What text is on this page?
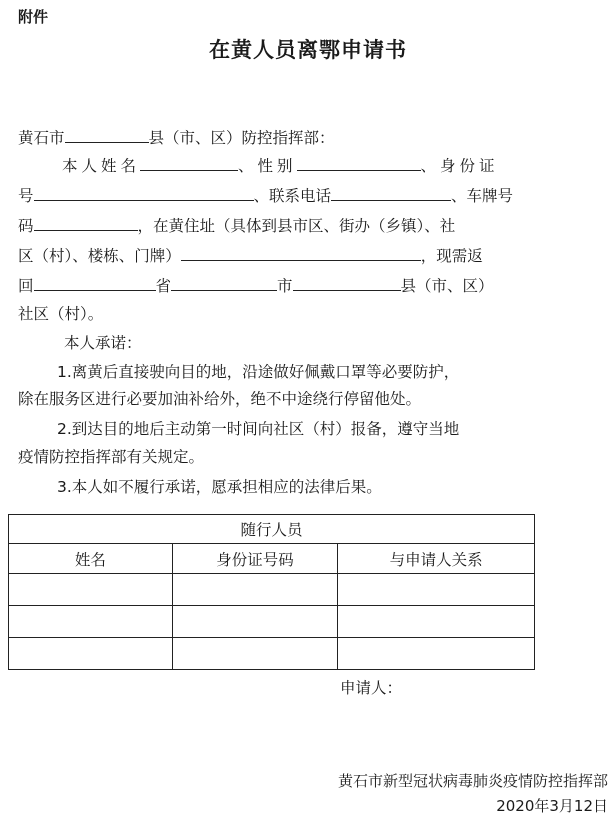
附件
在黄人员离鄂申请书
黄石市	县（市、区）防控指挥部：
本人姓名	、性别	、身份证
号	、联系电话	、车牌号
码	，在黄住址（具体到县市区、街办（乡镇）、社
区（村）、楼栋、门牌）	，现需返
回	省	市	县（市、区）
社区（村）。
本人承诺：
1.离黄后直接驶向目的地，沿途做好佩戴口罩等必要防护，
除在服务区进行必要加油补给外，绝不中途绕行停留他处。
2.到达目的地后主动第一时间向社区（村）报备，遵守当地
疫情防控指挥部有关规定。
3.本人如不履行承诺，愿承担相应的法律后果。
随行人员		
姓名	身份证号码	与申请人关系

申请人：
黄石市新型冠状病毒肺炎疫情防控指挥部
2020年3月12日
